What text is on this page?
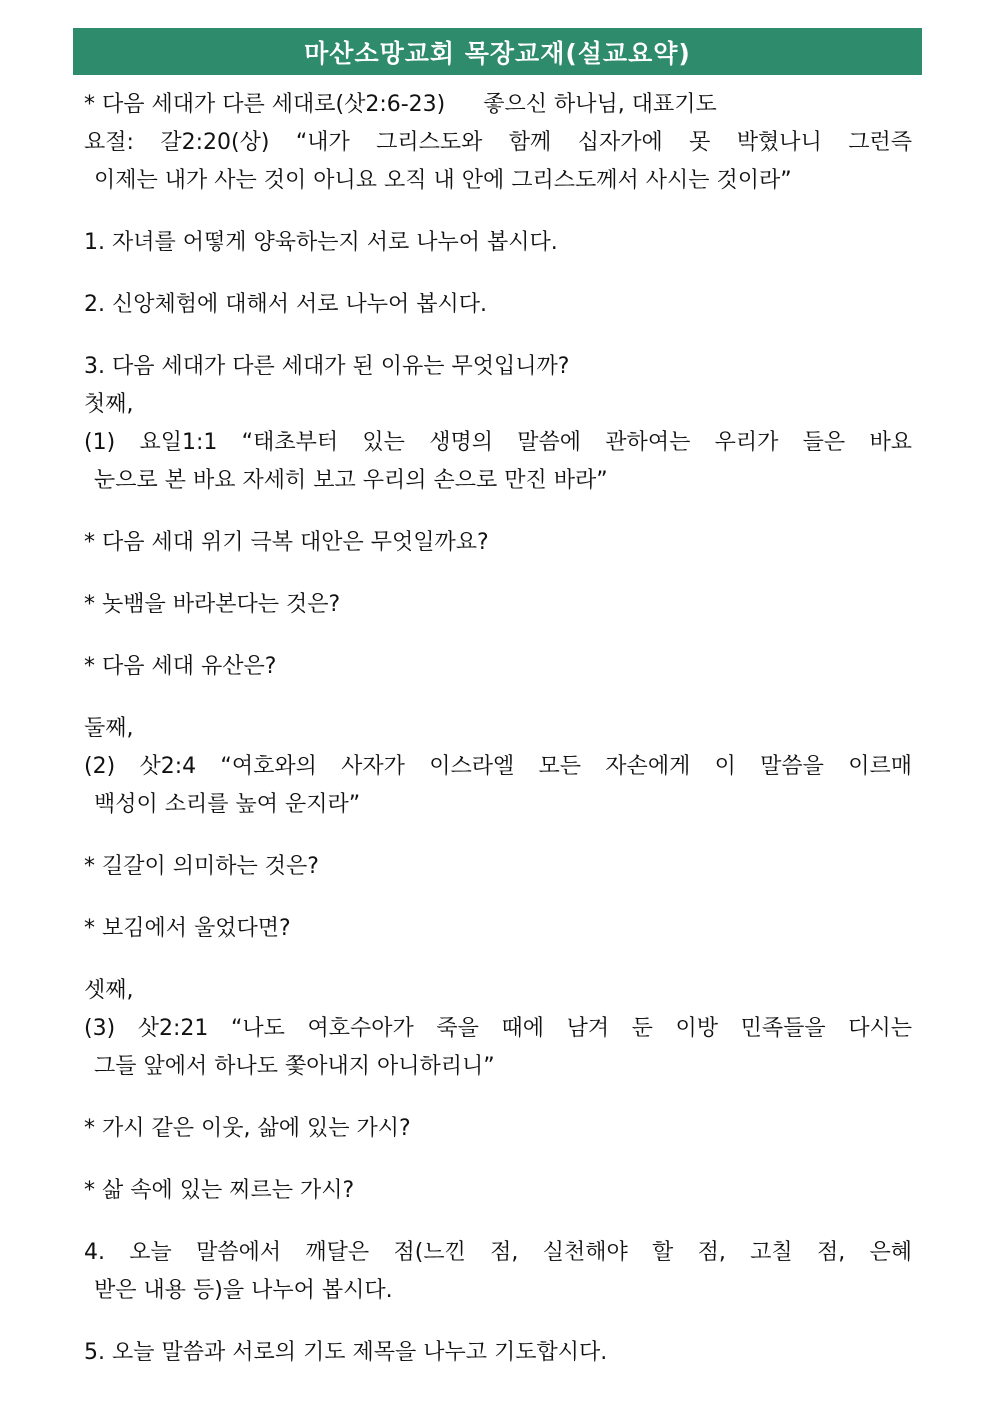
마산소망교회 목장교재(설교요약)
* 다음 세대가 다른 세대로(삿2:6-23) 좋으신 하나님, 대표기도
요절: 갈2:20(상) “내가 그리스도와 함께 십자가에 못 박혔나니 그런즉
이제는 내가 사는 것이 아니요 오직 내 안에 그리스도께서 사시는 것이라”
1. 자녀를 어떻게 양육하는지 서로 나누어 봅시다.
2. 신앙체험에 대해서 서로 나누어 봅시다.
3. 다음 세대가 다른 세대가 된 이유는 무엇입니까?
첫째,
(1) 요일1:1 “태초부터 있는 생명의 말씀에 관하여는 우리가 들은 바요
눈으로 본 바요 자세히 보고 우리의 손으로 만진 바라”
* 다음 세대 위기 극복 대안은 무엇일까요?
* 놋뱀을 바라본다는 것은?
* 다음 세대 유산은?
둘째,
(2) 삿2:4 “여호와의 사자가 이스라엘 모든 자손에게 이 말씀을 이르매
백성이 소리를 높여 운지라”
* 길갈이 의미하는 것은?
* 보김에서 울었다면?
셋째,
(3) 삿2:21 “나도 여호수아가 죽을 때에 남겨 둔 이방 민족들을 다시는
그들 앞에서 하나도 쫓아내지 아니하리니”
* 가시 같은 이웃, 삶에 있는 가시?
* 삶 속에 있는 찌르는 가시?
4. 오늘 말씀에서 깨달은 점(느낀 점, 실천해야 할 점, 고칠 점, 은혜
받은 내용 등)을 나누어 봅시다.
5. 오늘 말씀과 서로의 기도 제목을 나누고 기도합시다.
